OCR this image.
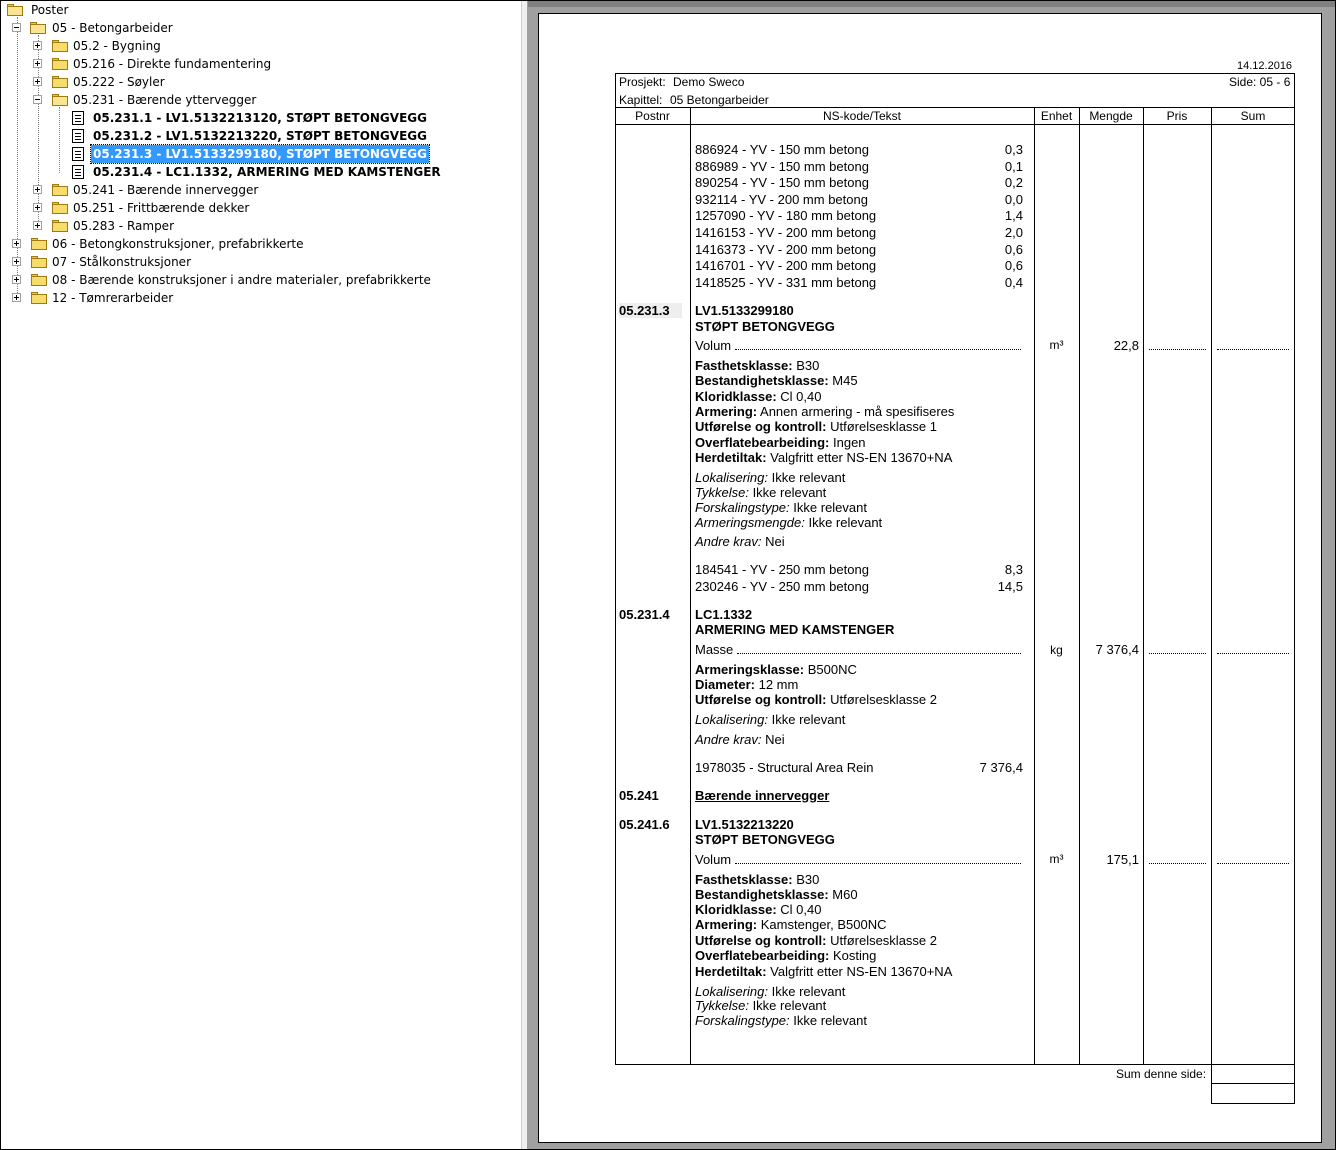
Poster
05 - Betongarbeider
05.2 - Bygning
05.216 - Direkte fundamentering
05.222 - Søyler
05.231 - Bærende yttervegger
05.231.1 - LV1.5132213120, STØPT BETONGVEGG
05.231.2 - LV1.5132213220, STØPT BETONGVEGG
05.231.3 - LV1.5133299180, STØPT BETONGVEGG
05.231.4 - LC1.1332, ARMERING MED KAMSTENGER
05.241 - Bærende innervegger
05.251 - Frittbærende dekker
05.283 - Ramper
06 - Betongkonstruksjoner, prefabrikkerte
07 - Stålkonstruksjoner
08 - Bærende konstruksjoner i andre materialer, prefabrikkerte
12 - Tømrerarbeider
14.12.2016
Prosjekt: Demo Sweco	Side: 05 - 6
Kapittel: 05 Betongarbeider
Postnr	NS-kode/Tekst	Enhet	Mengde	Pris	Sum
886924 - YV - 150 mm betong	0,3
886989 - YV - 150 mm betong	0,1
890254 - YV - 150 mm betong	0,2
932114 - YV - 200 mm betong	0,0
1257090 - YV - 180 mm betong	1,4
1416153 - YV - 200 mm betong	2,0
1416373 - YV - 200 mm betong	0,6
1416701 - YV - 200 mm betong	0,6
1418525 - YV - 331 mm betong	0,4
05.231.3	LV1.5133299180
STØPT BETONGVEGG
Volum	m³	22,8
Fasthetsklasse: B30
Bestandighetsklasse: M45
Kloridklasse: Cl 0,40
Armering: Annen armering - må spesifiseres
Utførelse og kontroll: Utførelsesklasse 1
Overflatebearbeiding: Ingen
Herdetiltak: Valgfritt etter NS-EN 13670+NA
Lokalisering: Ikke relevant
Tykkelse: Ikke relevant
Forskalingstype: Ikke relevant
Armeringsmengde: Ikke relevant
Andre krav: Nei
184541 - YV - 250 mm betong	8,3
230246 - YV - 250 mm betong	14,5
05.231.4 LC1.1332
ARMERING MED KAMSTENGER
Masse	kg	7 376,4
Armeringsklasse: B500NC
Diameter: 12 mm
Utførelse og kontroll: Utførelsesklasse 2
Lokalisering: Ikke relevant
Andre krav: Nei
1978035 - Structural Area Rein	7 376,4
05.241	Bærende innervegger
05.241.6 LV1.5132213220
STØPT BETONGVEGG
Volum	m³	175,1
Fasthetsklasse: B30
Bestandighetsklasse: M60
Kloridklasse: Cl 0,40
Armering: Kamstenger, B500NC
Utførelse og kontroll: Utførelsesklasse 2
Overflatebearbeiding: Kosting
Herdetiltak: Valgfritt etter NS-EN 13670+NA
Lokalisering: Ikke relevant
Tykkelse: Ikke relevant
Forskalingstype: Ikke relevant
Sum denne side:
